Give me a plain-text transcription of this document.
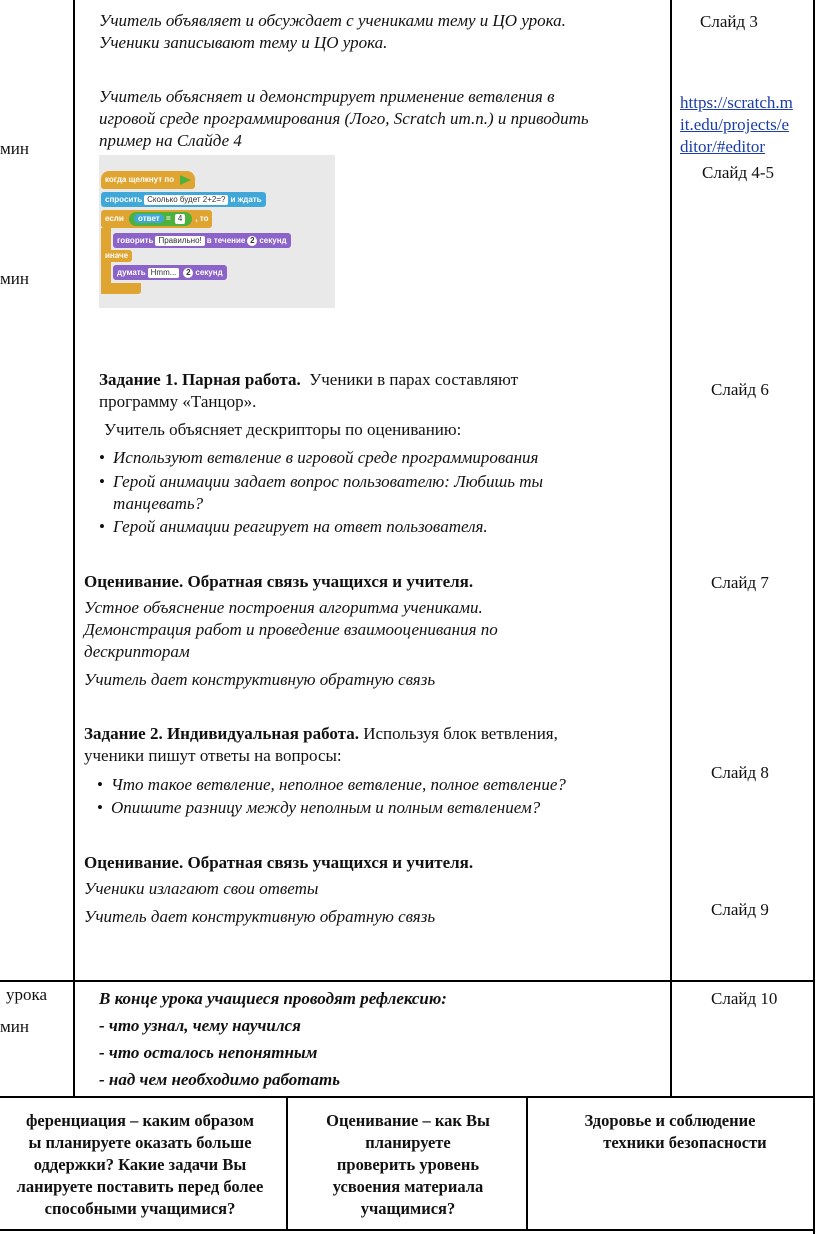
мин
мин
урока
мин
Учитель объявляет и обсуждает с учениками тему и ЦО урока.
Ученики записывают тему и ЦО урока.
Учитель объясняет и демонстрирует применение ветвления в
игровой среде программирования (Лого, Scratch ит.п.) и приводить
пример на Слайде 4
когда щелкнут по
спросить Сколько будет 2+2=? и ждать
если ответ = 4 , то
говорить Правильно! в течение 2 секунд
иначе
думать Hmm... 2 секунд
Задание 1. Парная работа. Ученики в парах составляют
программу «Танцор».
Учитель объясняет дескрипторы по оцениванию:
• Используют ветвление в игровой среде программирования
• Герой анимации задает вопрос пользователю: Любишь ты
танцевать?
• Герой анимации реагирует на ответ пользователя.
Оценивание. Обратная связь учащихся и учителя.
Устное объяснение построения алгоритма учениками.
Демонстрация работ и проведение взаимооценивания по
дескрипторам
Учитель дает конструктивную обратную связь
Задание 2. Индивидуальная работа. Используя блок ветвления,
ученики пишут ответы на вопросы:
• Что такое ветвление, неполное ветвление, полное ветвление?
• Опишите разницу между неполным и полным ветвлением?
Оценивание. Обратная связь учащихся и учителя.
Ученики излагают свои ответы
Учитель дает конструктивную обратную связь
В конце урока учащиеся проводят рефлексию:
- что узнал, чему научился
- что осталось непонятным
- над чем необходимо работать
Слайд 3
https://scratch.m
it.edu/projects/e
ditor/#editor
Слайд 4-5
Слайд 6
Слайд 7
Слайд 8
Слайд 9
Слайд 10
ференциация – каким образом
ы планируете оказать больше
оддержки? Какие задачи Вы
ланируете поставить перед более
способными учащимися?
Оценивание – как Вы
планируете
проверить уровень
усвоения материала
учащимися?
Здоровье и соблюдение
техники безопасности
